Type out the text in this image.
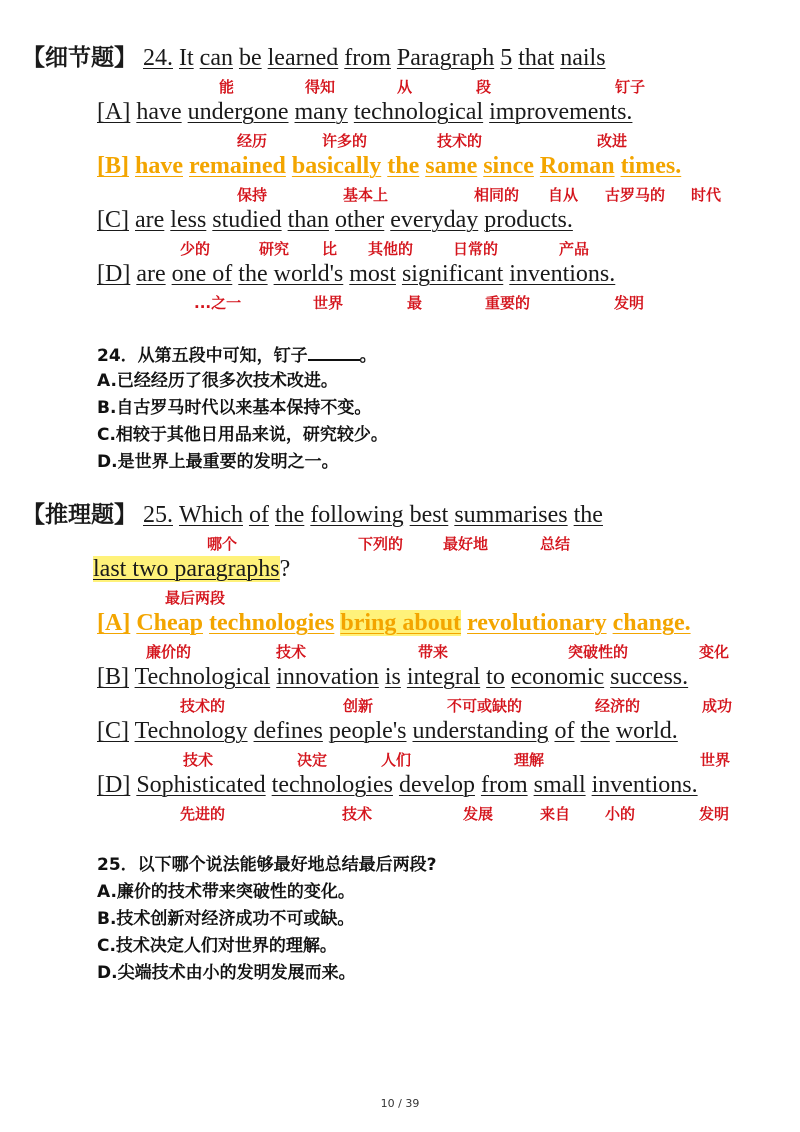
【细节题】 24. It can be learned from Paragraph 5 that nails
能	得知	从	段	钉子
[A] have undergone many technological improvements.
经历	许多的	技术的	改进
[B] have remained basically the same since Roman times.
保持	基本上	相同的 自从 古罗马的 时代
[C] are less studied than other everyday products.
少的	研究 比 其他的	日常的	产品
[D] are one of the world's most significant inventions.
...之一	世界	最	重要的	发明
24．从第五段中可知，钉子	。
A.已经经历了很多次技术改进。
B.自古罗马时代以来基本保持不变。
C.相较于其他日用品来说，研究较少。
D.是世界上最重要的发明之一。
【推理题】 25. Which of the following best summarises the
哪个	下列的	最好地	总结
last two paragraphs?
最后两段
[A] Cheap technologies bring about revolutionary change.
廉价的	技术	带来	突破性的	变化
[B] Technological innovation is integral to economic success.
技术的	创新	不可或缺的	经济的	成功
[C] Technology defines people's understanding of the world.
技术	决定	人们	理解	世界
[D] Sophisticated technologies develop from small inventions.
先进的	技术	发展	来自 小的	发明
25．以下哪个说法能够最好地总结最后两段?
A.廉价的技术带来突破性的变化。
B.技术创新对经济成功不可或缺。
C.技术决定人们对世界的理解。
D.尖端技术由小的发明发展而来。
10 / 39
